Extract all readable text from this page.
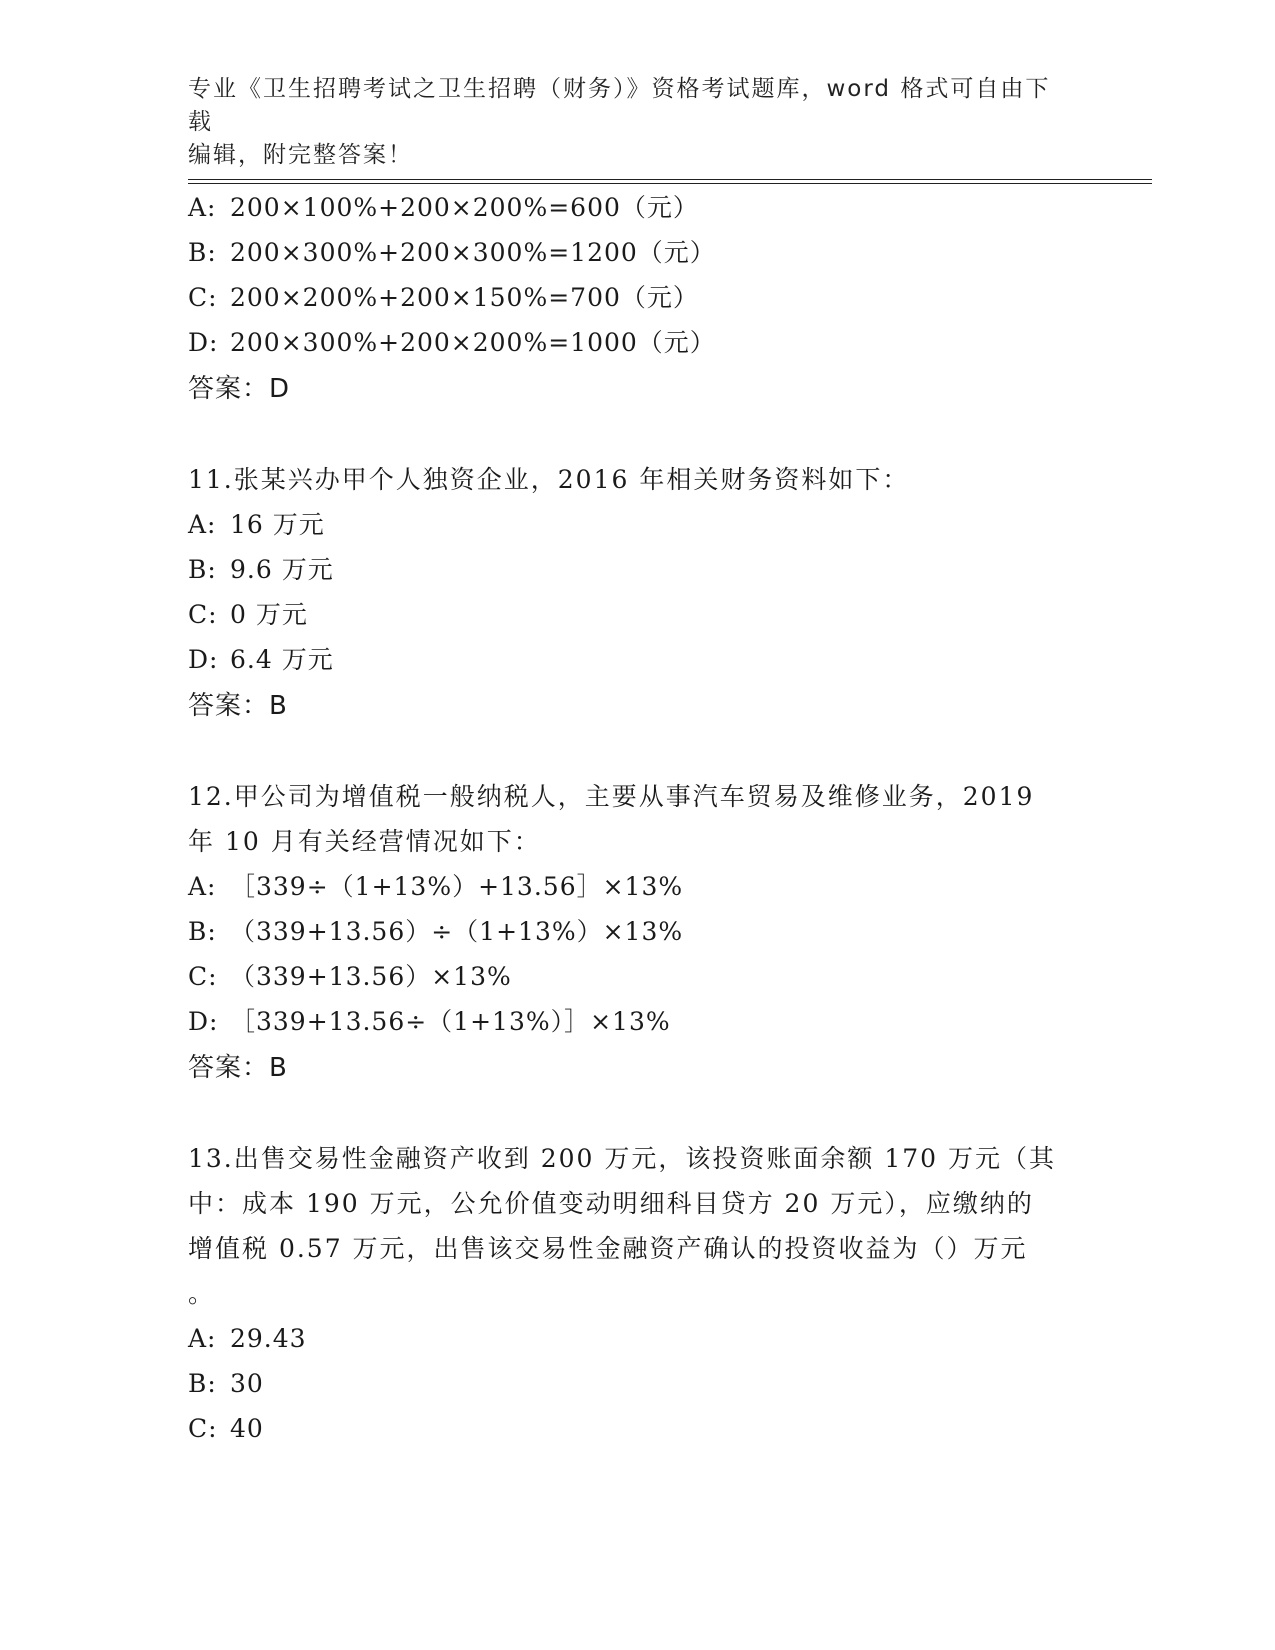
专业《卫生招聘考试之卫生招聘（财务）》资格考试题库，word 格式可自由下载
编辑，附完整答案！
A: 200×100%+200×200%=600（元）
B: 200×300%+200×300%=1200（元）
C: 200×200%+200×150%=700（元）
D: 200×300%+200×200%=1000（元）
答案：D
11.张某兴办甲个人独资企业，2016 年相关财务资料如下：
A: 16 万元
B: 9.6 万元
C: 0 万元
D: 6.4 万元
答案：B
12.甲公司为增值税一般纳税人，主要从事汽车贸易及维修业务，2019
年 10 月有关经营情况如下：
A: ［339÷（1+13%）+13.56］×13%
B: （339+13.56）÷（1+13%）×13%
C: （339+13.56）×13%
D: ［339+13.56÷（1+13%）］×13%
答案：B
13.出售交易性金融资产收到 200 万元，该投资账面余额 170 万元（其
中：成本 190 万元，公允价值变动明细科目贷方 20 万元），应缴纳的
增值税 0.57 万元，出售该交易性金融资产确认的投资收益为（）万元
。
A: 29.43
B: 30
C: 40
